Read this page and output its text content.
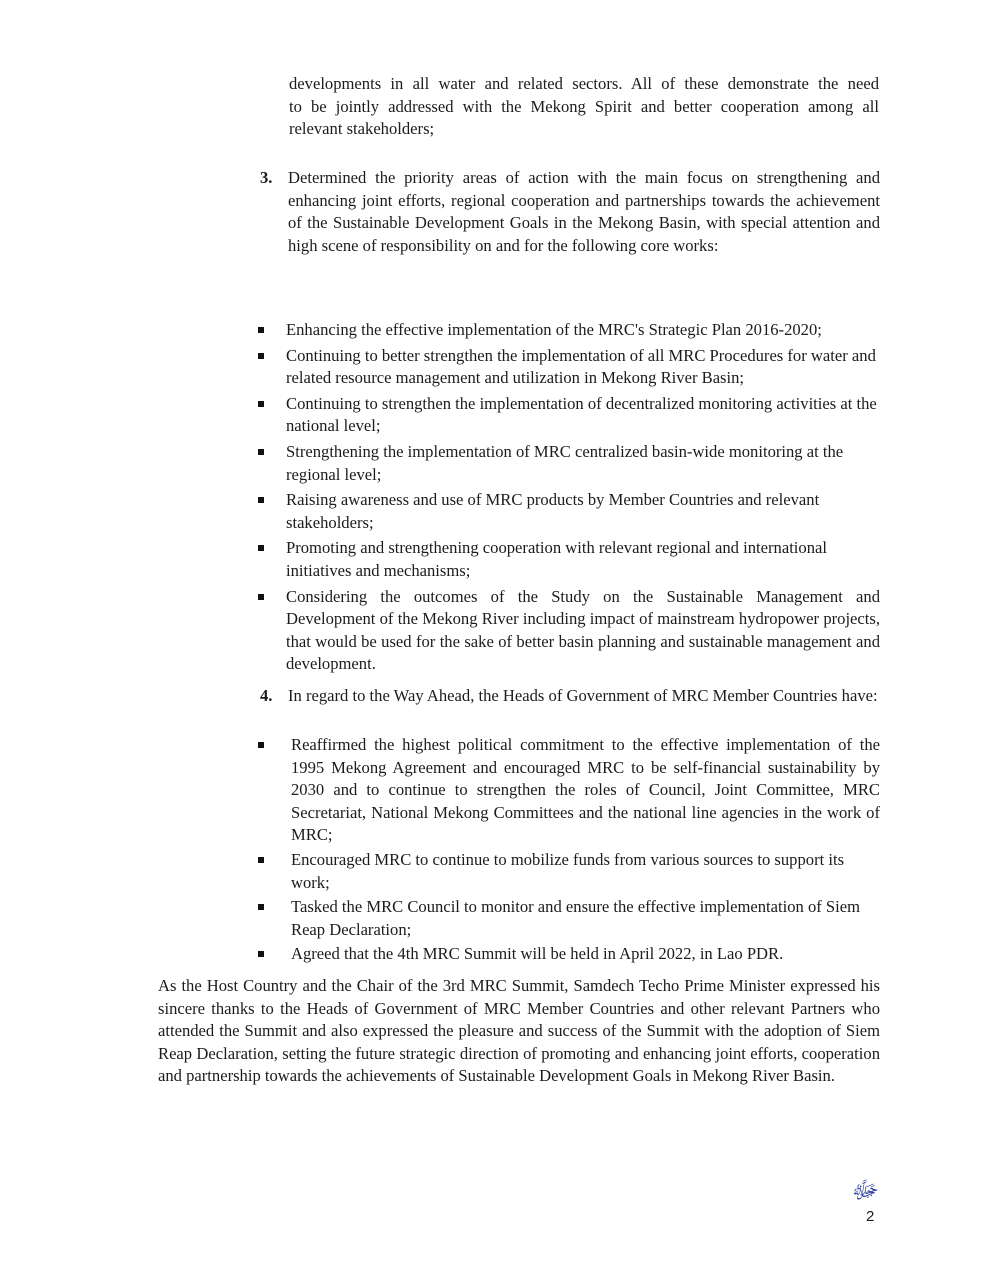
developments in all water and related sectors. All of these demonstrate the need
to be jointly addressed with the Mekong Spirit and better cooperation among all
relevant stakeholders;
3. Determined the priority areas of action with the main focus on strengthening and enhancing joint efforts, regional cooperation and partnerships towards the achievement of the Sustainable Development Goals in the Mekong Basin, with special attention and high scene of responsibility on and for the following core works:
Enhancing the effective implementation of the MRC's Strategic Plan 2016-2020;
Continuing to better strengthen the implementation of all MRC Procedures for water and related resource management and utilization in Mekong River Basin;
Continuing to strengthen the implementation of decentralized monitoring activities at the national level;
Strengthening the implementation of MRC centralized basin-wide monitoring at the regional level;
Raising awareness and use of MRC products by Member Countries and relevant stakeholders;
Promoting and strengthening cooperation with relevant regional and international initiatives and mechanisms;
Considering the outcomes of the Study on the Sustainable Management and Development of the Mekong River including impact of mainstream hydropower projects, that would be used for the sake of better basin planning and sustainable management and development.
4. In regard to the Way Ahead, the Heads of Government of MRC Member Countries have:
Reaffirmed the highest political commitment to the effective implementation of the 1995 Mekong Agreement and encouraged MRC to be self-financial sustainability by 2030 and to continue to strengthen the roles of Council, Joint Committee, MRC Secretariat, National Mekong Committees and the national line agencies in the work of MRC;
Encouraged MRC to continue to mobilize funds from various sources to support its work;
Tasked the MRC Council to monitor and ensure the effective implementation of Siem Reap Declaration;
Agreed that the 4th MRC Summit will be held in April 2022, in Lao PDR.
As the Host Country and the Chair of the 3rd MRC Summit, Samdech Techo Prime Minister expressed his sincere thanks to the Heads of Government of MRC Member Countries and other relevant Partners who attended the Summit and also expressed the pleasure and success of the Summit with the adoption of Siem Reap Declaration, setting the future strategic direction of promoting and enhancing joint efforts, cooperation and partnership towards the achievements of Sustainable Development Goals in Mekong River Basin.
ﷻ
2
